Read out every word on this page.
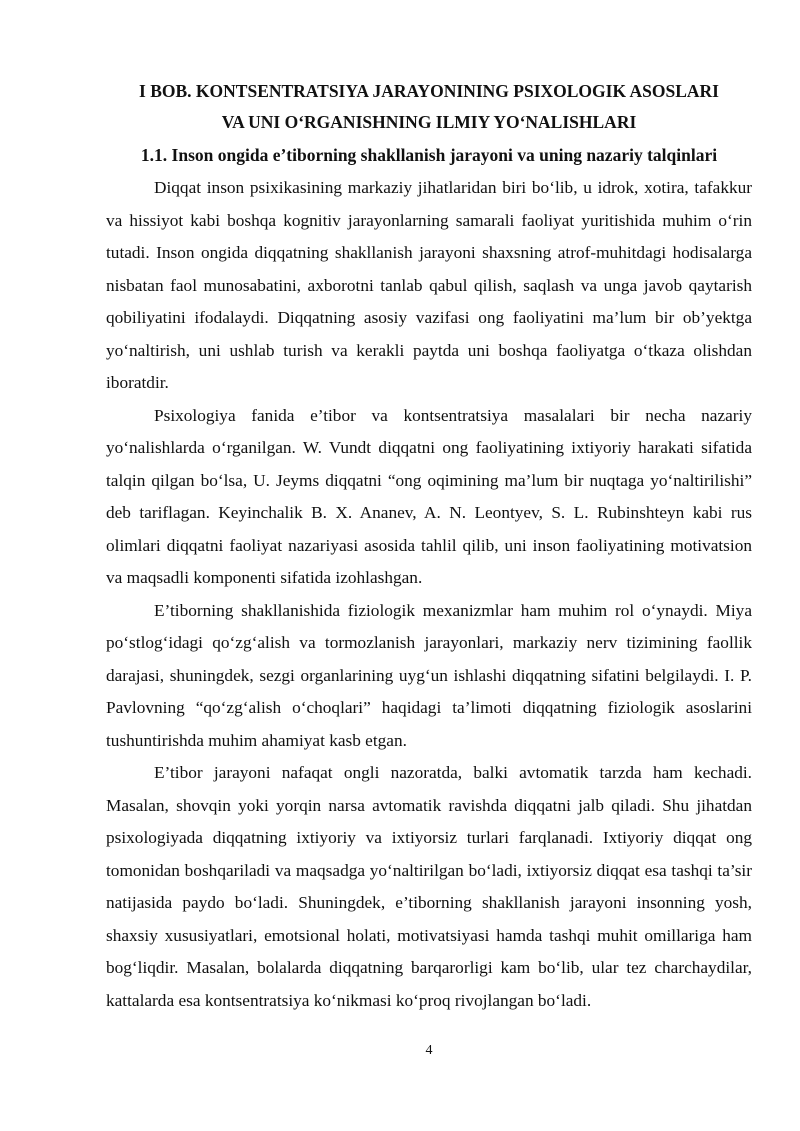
I BOB. KONTSENTRATSIYA JARAYONINING PSIXOLOGIK ASOSLARI
VA UNI O‘RGANISHNING ILMIY YO‘NALISHLARI
1.1. Inson ongida e’tiborning shakllanish jarayoni va uning nazariy talqinlari

Diqqat inson psixikasining markaziy jihatlaridan biri bo‘lib, u idrok, xotira, tafakkur va hissiyot kabi boshqa kognitiv jarayonlarning samarali faoliyat yuritishida muhim o‘rin tutadi. Inson ongida diqqatning shakllanish jarayoni shaxsning atrof-muhitdagi hodisalarga nisbatan faol munosabatini, axborotni tanlab qabul qilish, saqlash va unga javob qaytarish qobiliyatini ifodalaydi. Diqqatning asosiy vazifasi ong faoliyatini ma’lum bir ob’yektga yo‘naltirish, uni ushlab turish va kerakli paytda uni boshqa faoliyatga o‘tkaza olishdan iboratdir.

Psixologiya fanida e’tibor va kontsentratsiya masalalari bir necha nazariy yo‘nalishlarda o‘rganilgan. W. Vundt diqqatni ong faoliyatining ixtiyoriy harakati sifatida talqin qilgan bo‘lsa, U. Jeyms diqqatni “ong oqimining ma’lum bir nuqtaga yo‘naltirilishi” deb tariflagan. Keyinchalik B. X. Ananev, A. N. Leontyev, S. L. Rubinshteyn kabi rus olimlari diqqatni faoliyat nazariyasi asosida tahlil qilib, uni inson faoliyatining motivatsion va maqsadli komponenti sifatida izohlashgan.

E’tiborning shakllanishida fiziologik mexanizmlar ham muhim rol o‘ynaydi. Miya po‘stlog‘idagi qo‘zg‘alish va tormozlanish jarayonlari, markaziy nerv tizimining faollik darajasi, shuningdek, sezgi organlarining uyg‘un ishlashi diqqatning sifatini belgilaydi. I. P. Pavlovning “qo‘zg‘alish o‘choqlari” haqidagi ta’limoti diqqatning fiziologik asoslarini tushuntirishda muhim ahamiyat kasb etgan.

E’tibor jarayoni nafaqat ongli nazoratda, balki avtomatik tarzda ham kechadi. Masalan, shovqin yoki yorqin narsa avtomatik ravishda diqqatni jalb qiladi. Shu jihatdan psixologiyada diqqatning ixtiyoriy va ixtiyorsiz turlari farqlanadi. Ixtiyoriy diqqat ong tomonidan boshqariladi va maqsadga yo‘naltirilgan bo‘ladi, ixtiyorsiz diqqat esa tashqi ta’sir natijasida paydo bo‘ladi. Shuningdek, e’tiborning shakllanish jarayoni insonning yosh, shaxsiy xususiyatlari, emotsional holati, motivatsiyasi hamda tashqi muhit omillariga ham bog‘liqdir. Masalan, bolalarda diqqatning barqarorligi kam bo‘lib, ular tez charchaydilar, kattalarda esa kontsentratsiya ko‘nikmasi ko‘proq rivojlangan bo‘ladi.

4
